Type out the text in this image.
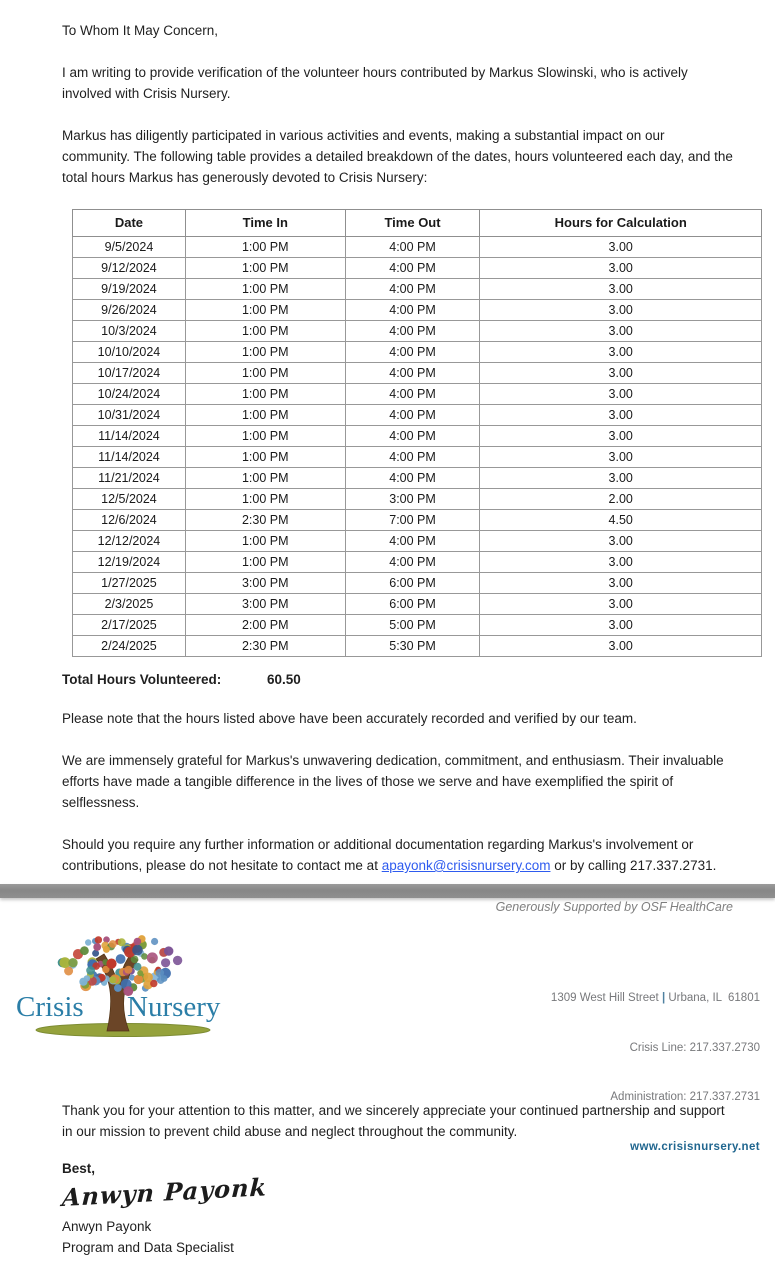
To Whom It May Concern,

I am writing to provide verification of the volunteer hours contributed by Markus Slowinski, who is actively involved with Crisis Nursery.

Markus has diligently participated in various activities and events, making a substantial impact on our community. The following table provides a detailed breakdown of the dates, hours volunteered each day, and the total hours Markus has generously devoted to Crisis Nursery:

Date	Time In	Time Out	Hours for Calculation
9/5/2024	1:00 PM	4:00 PM	3.00
9/12/2024	1:00 PM	4:00 PM	3.00
9/19/2024	1:00 PM	4:00 PM	3.00
9/26/2024	1:00 PM	4:00 PM	3.00
10/3/2024	1:00 PM	4:00 PM	3.00
10/10/2024	1:00 PM	4:00 PM	3.00
10/17/2024	1:00 PM	4:00 PM	3.00
10/24/2024	1:00 PM	4:00 PM	3.00
10/31/2024	1:00 PM	4:00 PM	3.00
11/14/2024	1:00 PM	4:00 PM	3.00
11/14/2024	1:00 PM	4:00 PM	3.00
11/21/2024	1:00 PM	4:00 PM	3.00
12/5/2024	1:00 PM	3:00 PM	2.00
12/6/2024	2:30 PM	7:00 PM	4.50
12/12/2024	1:00 PM	4:00 PM	3.00
12/19/2024	1:00 PM	4:00 PM	3.00
1/27/2025	3:00 PM	6:00 PM	3.00
2/3/2025	3:00 PM	6:00 PM	3.00
2/17/2025	2:00 PM	5:00 PM	3.00
2/24/2025	2:30 PM	5:30 PM	3.00
Total Hours Volunteered:	60.50

Please note that the hours listed above have been accurately recorded and verified by our team.

We are immensely grateful for Markus's unwavering dedication, commitment, and enthusiasm. Their invaluable efforts have made a tangible difference in the lives of those we serve and have exemplified the spirit of selflessness.

Should you require any further information or additional documentation regarding Markus's involvement or contributions, please do not hesitate to contact me at apayonk@crisisnursery.com or by calling 217.337.2731.

Generously Supported by OSF HealthCare

Crisis Nursery

	1309 West Hill Street | Urbana, IL  61801

Crisis Line: 217.337.2730

Administration: 217.337.2731

www.crisisnursery.net

Thank you for your attention to this matter, and we sincerely appreciate your continued partnership and support in our mission to prevent child abuse and neglect throughout the community.

Best,

Anwyn Payonk

Anwyn Payonk

Program and Data Specialist
